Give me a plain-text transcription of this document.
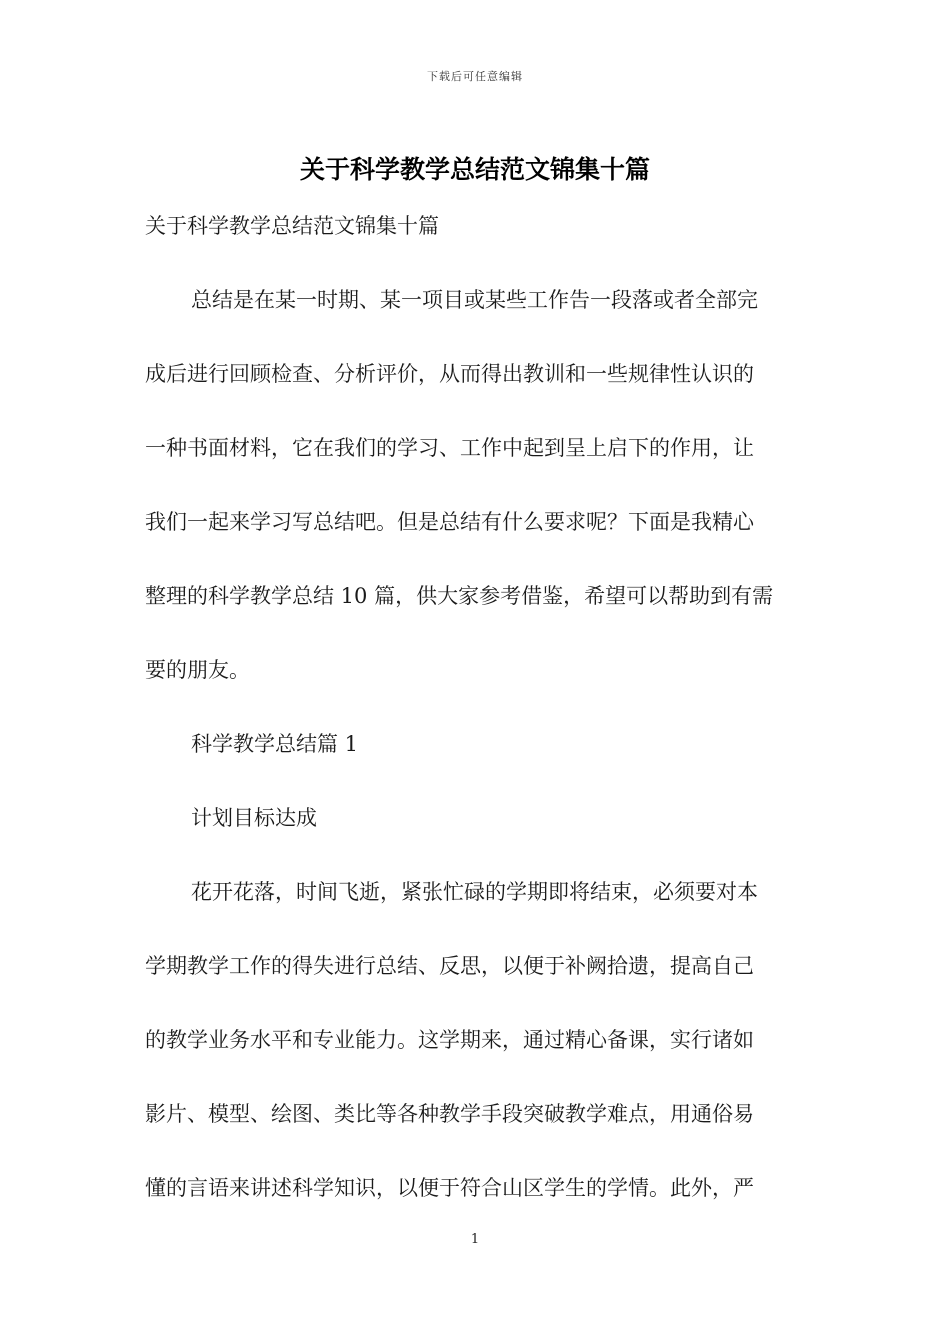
下载后可任意编辑
关于科学教学总结范文锦集十篇
关于科学教学总结范文锦集十篇
总结是在某一时期、某一项目或某些工作告一段落或者全部完
成后进行回顾检查、分析评价，从而得出教训和一些规律性认识的
一种书面材料，它在我们的学习、工作中起到呈上启下的作用，让
我们一起来学习写总结吧。但是总结有什么要求呢？下面是我精心
整理的科学教学总结 10 篇，供大家参考借鉴，希望可以帮助到有需
要的朋友。
科学教学总结篇 1
计划目标达成
花开花落，时间飞逝，紧张忙碌的学期即将结束，必须要对本
学期教学工作的得失进行总结、反思，以便于补阙拾遗，提高自己
的教学业务水平和专业能力。这学期来，通过精心备课，实行诸如
影片、模型、绘图、类比等各种教学手段突破教学难点，用通俗易
懂的言语来讲述科学知识，以便于符合山区学生的学情。此外，严
1
